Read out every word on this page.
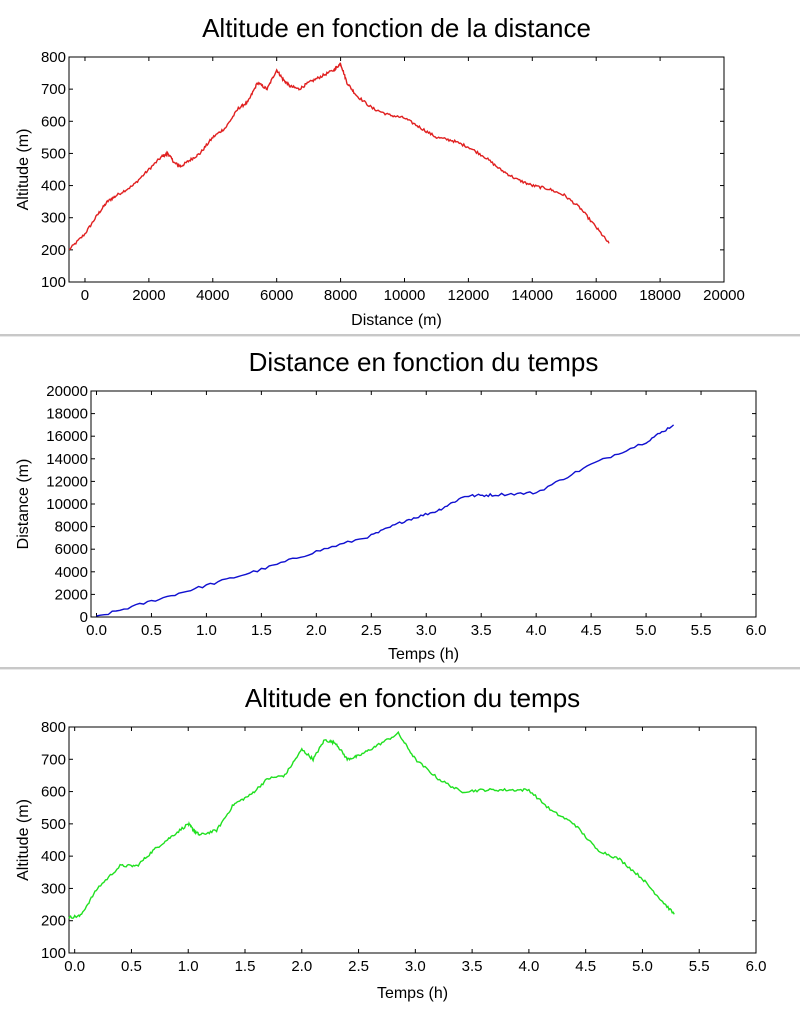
Altitude en fonction de la distance
100
200
300
400
500
600
700
800
0	2000 4000 6000 8000 10000 12000 14000 16000 18000 20000
Distance (m)
Altitude (m)
Distance en fonction du temps
0
2000
4000
6000
8000
10000
12000
14000
16000
18000
20000
0.0 0.5 1.0 1.5 2.0 2.5 3.0 3.5 4.0 4.5 5.0 5.5 6.0
Temps (h)
Distance (m)
Altitude en fonction du temps
100
200
300
400
500
600
700
800
0.0 0.5 1.0 1.5 2.0 2.5 3.0 3.5 4.0 4.5 5.0 5.5 6.0
Temps (h)
Altitude (m)
